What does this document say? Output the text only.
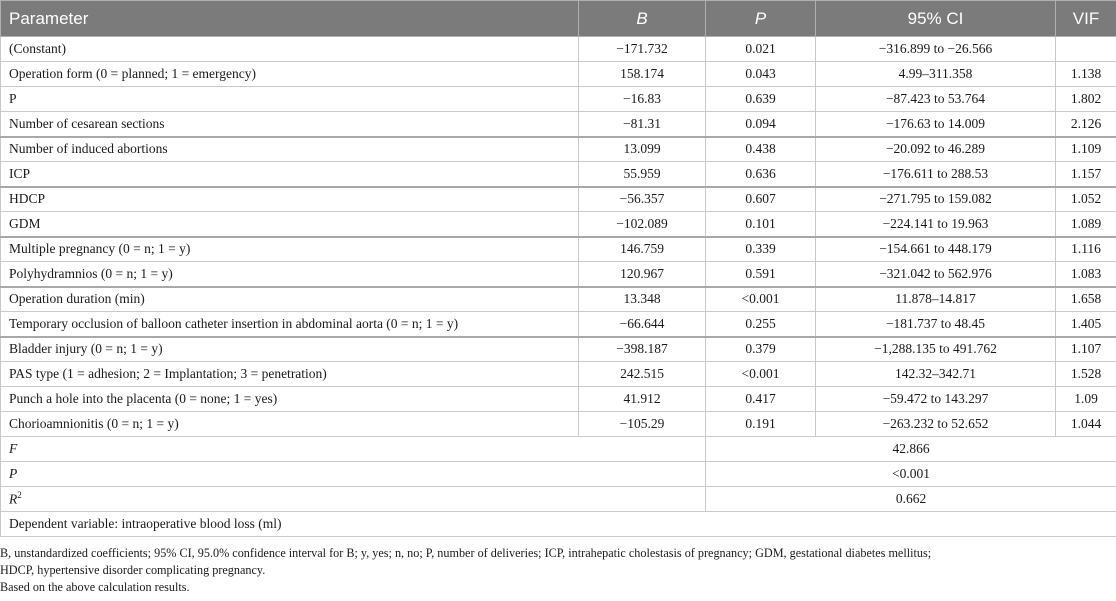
Parameter	B	P	95% CI	VIF
(Constant)	−171.732	0.021	−316.899 to −26.566	
Operation form (0 = planned; 1 = emergency)	158.174	0.043	4.99–311.358	1.138
P	−16.83	0.639	−87.423 to 53.764	1.802
Number of cesarean sections	−81.31	0.094	−176.63 to 14.009	2.126
Number of induced abortions	13.099	0.438	−20.092 to 46.289	1.109
ICP	55.959	0.636	−176.611 to 288.53	1.157
HDCP	−56.357	0.607	−271.795 to 159.082	1.052
GDM	−102.089	0.101	−224.141 to 19.963	1.089
Multiple pregnancy (0 = n; 1 = y)	146.759	0.339	−154.661 to 448.179	1.116
Polyhydramnios (0 = n; 1 = y)	120.967	0.591	−321.042 to 562.976	1.083
Operation duration (min)	13.348	<0.001	11.878–14.817	1.658
Temporary occlusion of balloon catheter insertion in abdominal aorta (0 = n; 1 = y)	−66.644	0.255	−181.737 to 48.45	1.405
Bladder injury (0 = n; 1 = y)	−398.187	0.379	−1,288.135 to 491.762	1.107
PAS type (1 = adhesion; 2 = Implantation; 3 = penetration)	242.515	<0.001	142.32–342.71	1.528
Punch a hole into the placenta (0 = none; 1 = yes)	41.912	0.417	−59.472 to 143.297	1.09
Chorioamnionitis (0 = n; 1 = y)	−105.29	0.191	−263.232 to 52.652	1.044
F		42.866		
P		<0.001		
$R^2$		0.662		
Dependent variable: intraoperative blood loss (ml)				

B, unstandardized coefficients; 95% CI, 95.0% confidence interval for B; y, yes; n, no; P, number of deliveries; ICP, intrahepatic cholestasis of pregnancy; GDM, gestational diabetes mellitus;

HDCP, hypertensive disorder complicating pregnancy.

Based on the above calculation results.
